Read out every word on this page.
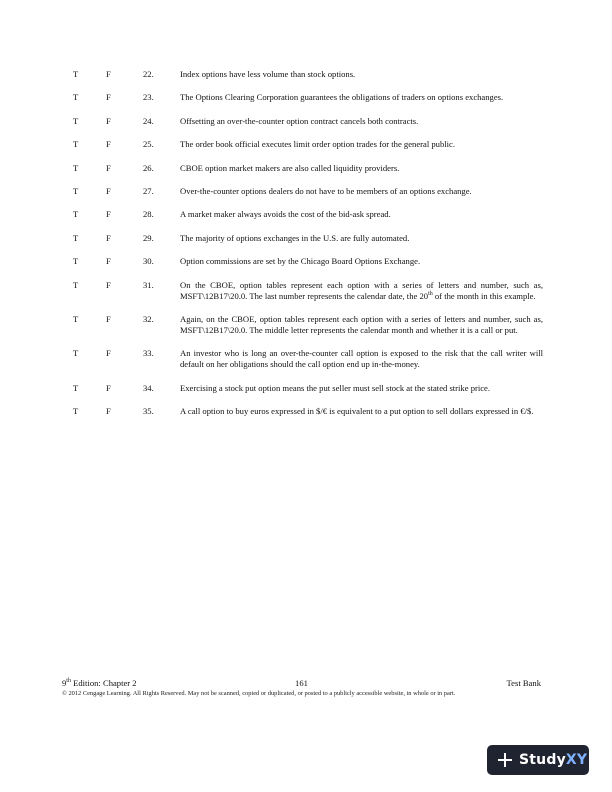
T	F	22.	Index options have less volume than stock options.
T	F	23.	The Options Clearing Corporation guarantees the obligations of traders on options exchanges.
T	F	24.	Offsetting an over-the-counter option contract cancels both contracts.
T	F	25.	The order book official executes limit order option trades for the general public.
T	F	26.	CBOE option market makers are also called liquidity providers.
T	F	27.	Over-the-counter options dealers do not have to be members of an options exchange.
T	F	28.	A market maker always avoids the cost of the bid-ask spread.
T	F	29.	The majority of options exchanges in the U.S. are fully automated.
T	F	30.	Option commissions are set by the Chicago Board Options Exchange.
T	F	31.	On the CBOE, option tables represent each option with a series of letters and number, such as, MSFT\12B17\20.0. The last number represents the calendar date, the 20th of the month in this example.
T	F	32.	Again, on the CBOE, option tables represent each option with a series of letters and number, such as, MSFT\12B17\20.0. The middle letter represents the calendar month and whether it is a call or put.
T	F	33.	An investor who is long an over-the-counter call option is exposed to the risk that the call writer will default on her obligations should the call option end up in-the-money.
T	F	34.	Exercising a stock put option means the put seller must sell stock at the stated strike price.
T	F	35.	A call option to buy euros expressed in $/€ is equivalent to a put option to sell dollars expressed in €/$.
9th Edition: Chapter 2	161	Test Bank
© 2012 Cengage Learning. All Rights Reserved. May not be scanned, copied or duplicated, or posted to a publicly accessible website, in whole or in part.
StudyXY
